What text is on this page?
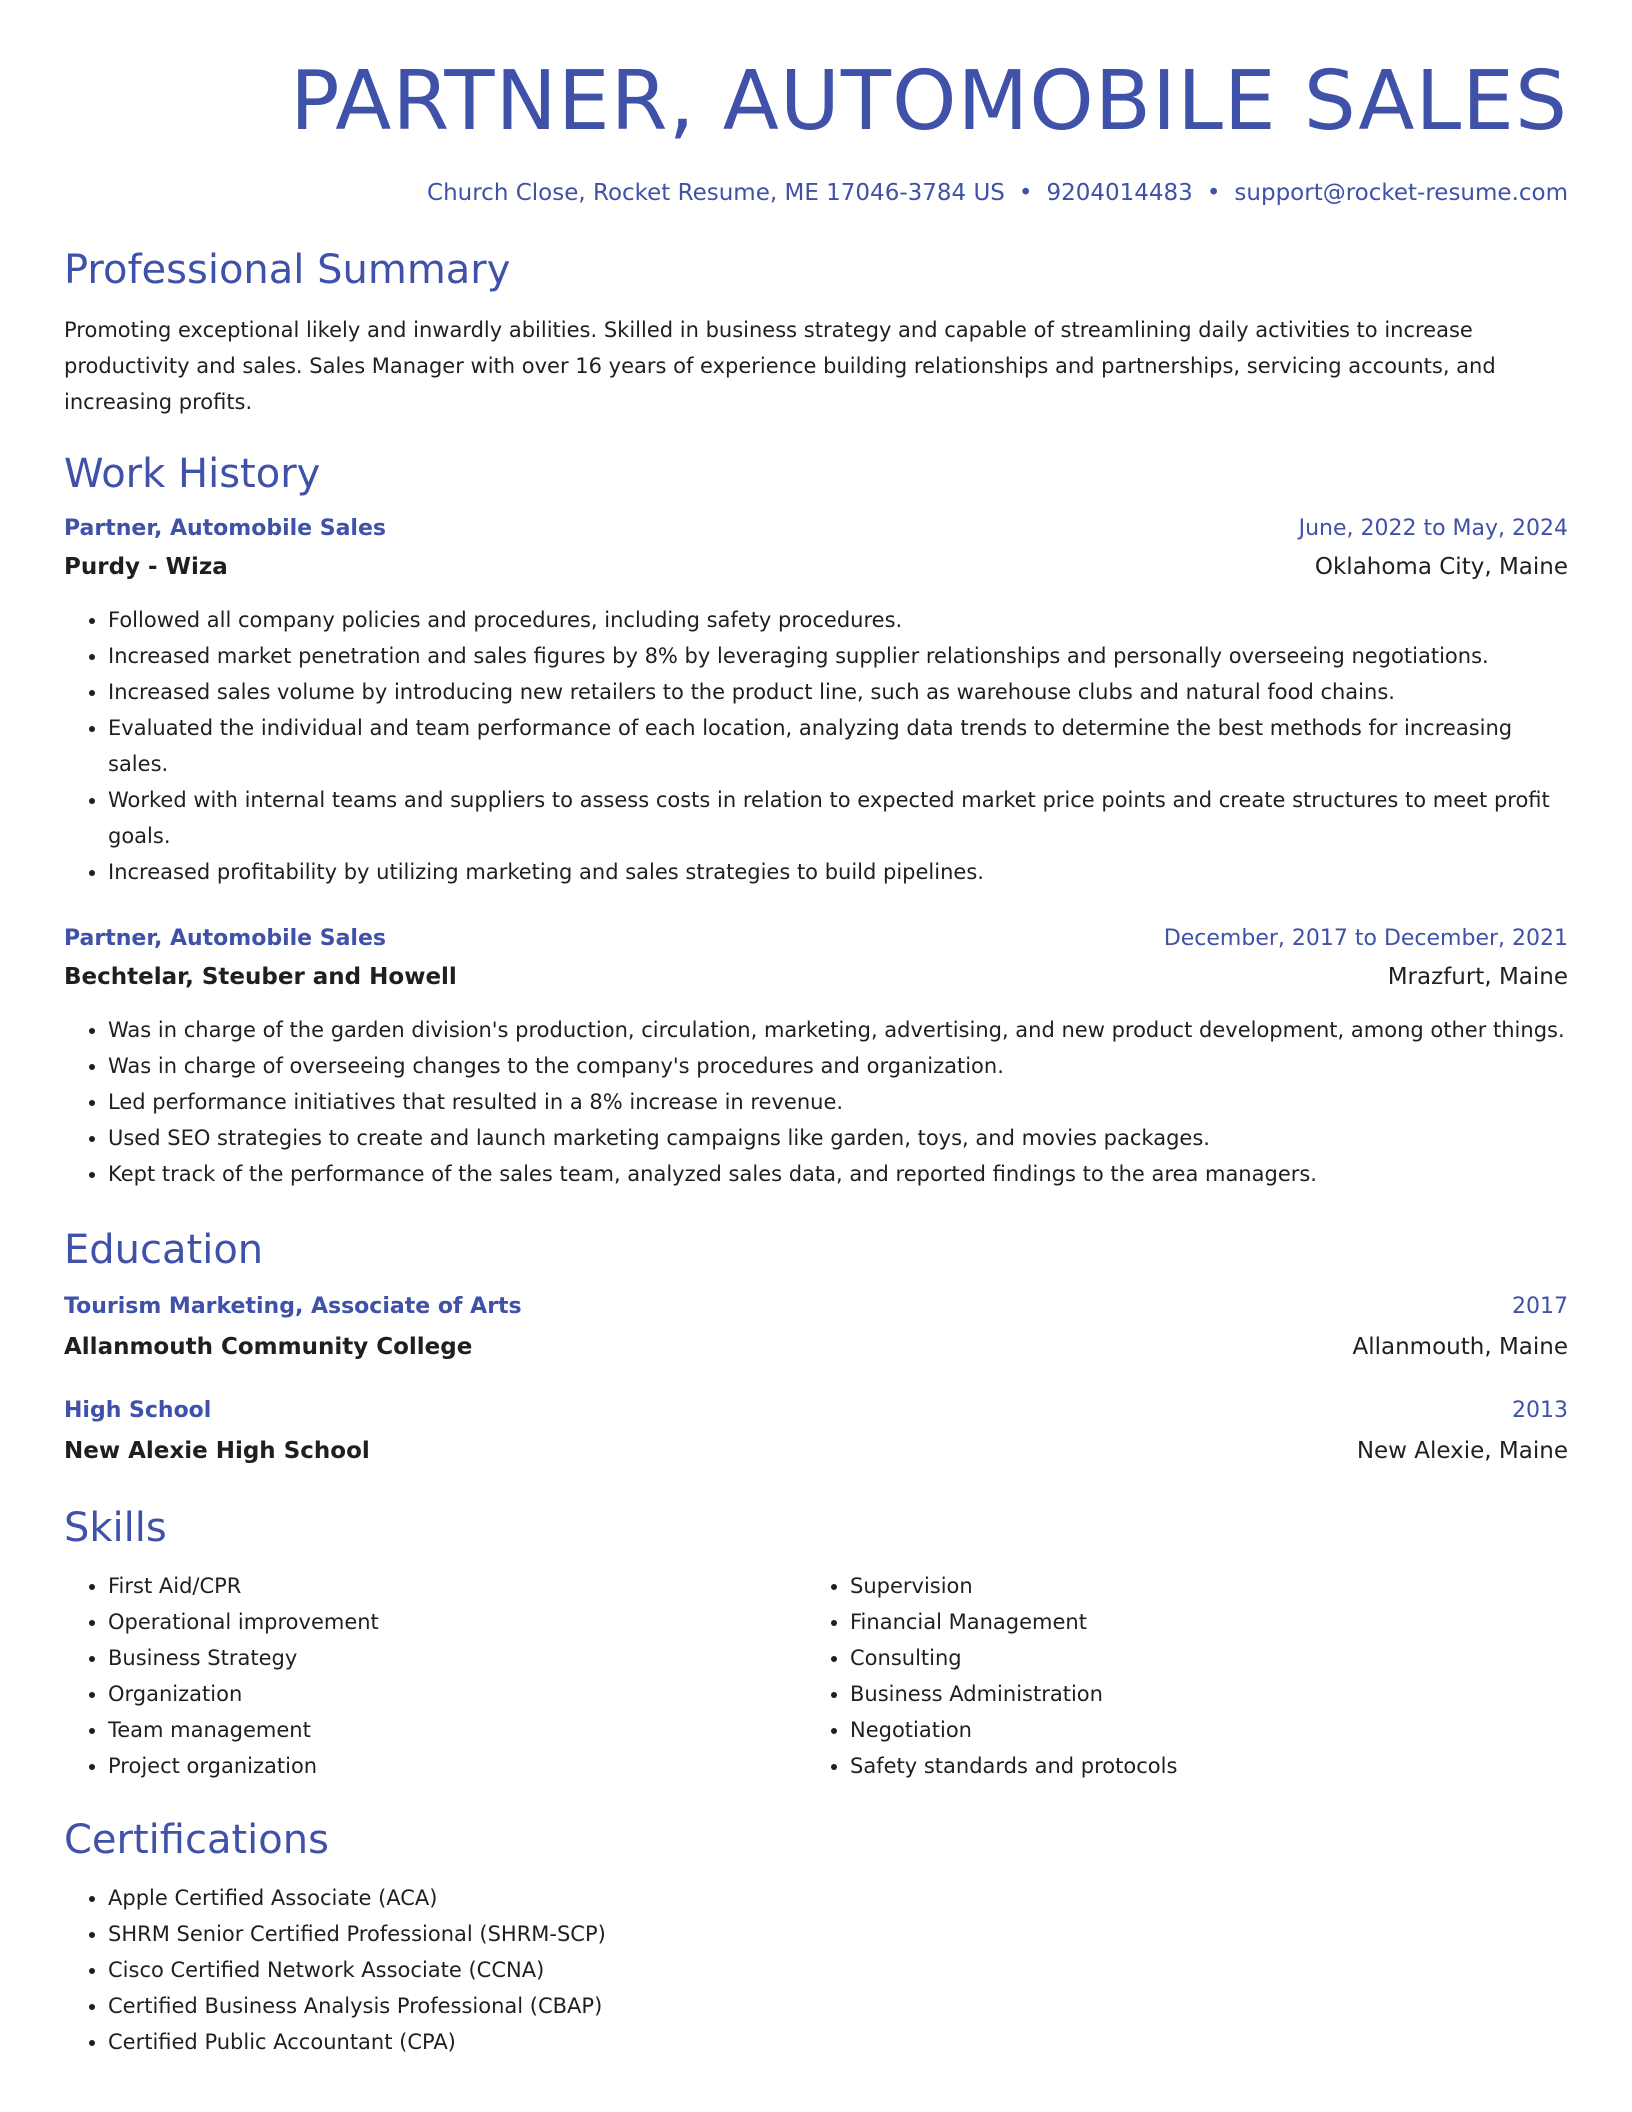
PARTNER, AUTOMOBILE SALES
Church Close, Rocket Resume, ME 17046-3784 US • 9204014483 • support@rocket-resume.com
Professional Summary
Promoting exceptional likely and inwardly abilities. Skilled in business strategy and capable of streamlining daily activities to increase productivity and sales. Sales Manager with over 16 years of experience building relationships and partnerships, servicing accounts, and increasing profits.
Work History
Partner, Automobile Sales	June, 2022 to May, 2024
Purdy - Wiza	Oklahoma City, Maine
• Followed all company policies and procedures, including safety procedures.
• Increased market penetration and sales figures by 8% by leveraging supplier relationships and personally overseeing negotiations.
• Increased sales volume by introducing new retailers to the product line, such as warehouse clubs and natural food chains.
• Evaluated the individual and team performance of each location, analyzing data trends to determine the best methods for increasing sales.
• Worked with internal teams and suppliers to assess costs in relation to expected market price points and create structures to meet profit goals.
• Increased profitability by utilizing marketing and sales strategies to build pipelines.
Partner, Automobile Sales	December, 2017 to December, 2021
Bechtelar, Steuber and Howell	Mrazfurt, Maine
• Was in charge of the garden division's production, circulation, marketing, advertising, and new product development, among other things.
• Was in charge of overseeing changes to the company's procedures and organization.
• Led performance initiatives that resulted in a 8% increase in revenue.
• Used SEO strategies to create and launch marketing campaigns like garden, toys, and movies packages.
• Kept track of the performance of the sales team, analyzed sales data, and reported findings to the area managers.
Education
Tourism Marketing, Associate of Arts	2017
Allanmouth Community College	Allanmouth, Maine
High School	2013
New Alexie High School	New Alexie, Maine
Skills
• First Aid/CPR
• Operational improvement
• Business Strategy
• Organization
• Team management
• Project organization
• Supervision
• Financial Management
• Consulting
• Business Administration
• Negotiation
• Safety standards and protocols
Certifications
• Apple Certified Associate (ACA)
• SHRM Senior Certified Professional (SHRM-SCP)
• Cisco Certified Network Associate (CCNA)
• Certified Business Analysis Professional (CBAP)
• Certified Public Accountant (CPA)
